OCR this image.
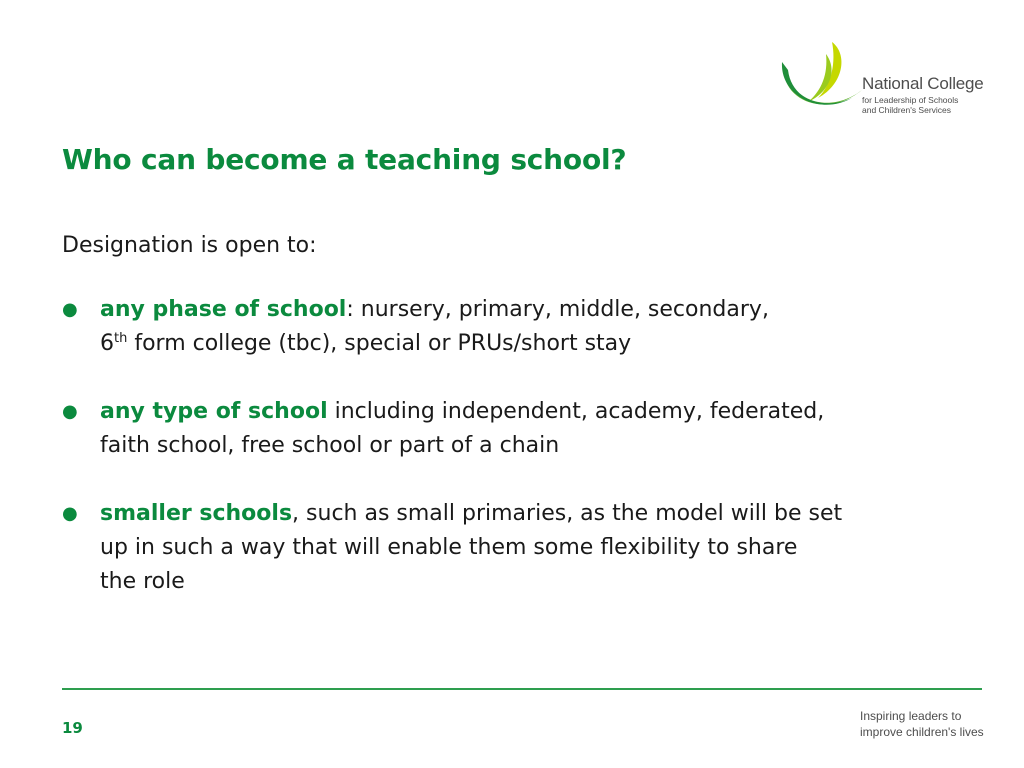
National College
for Leadership of Schools
and Children's Services
Who can become a teaching school?
Designation is open to:
● any phase of school: nursery, primary, middle, secondary,
6th form college (tbc), special or PRUs/short stay
● any type of school including independent, academy, federated,
faith school, free school or part of a chain
● smaller schools, such as small primaries, as the model will be set
up in such a way that will enable them some flexibility to share
the role
19
Inspiring leaders to
improve children's lives
